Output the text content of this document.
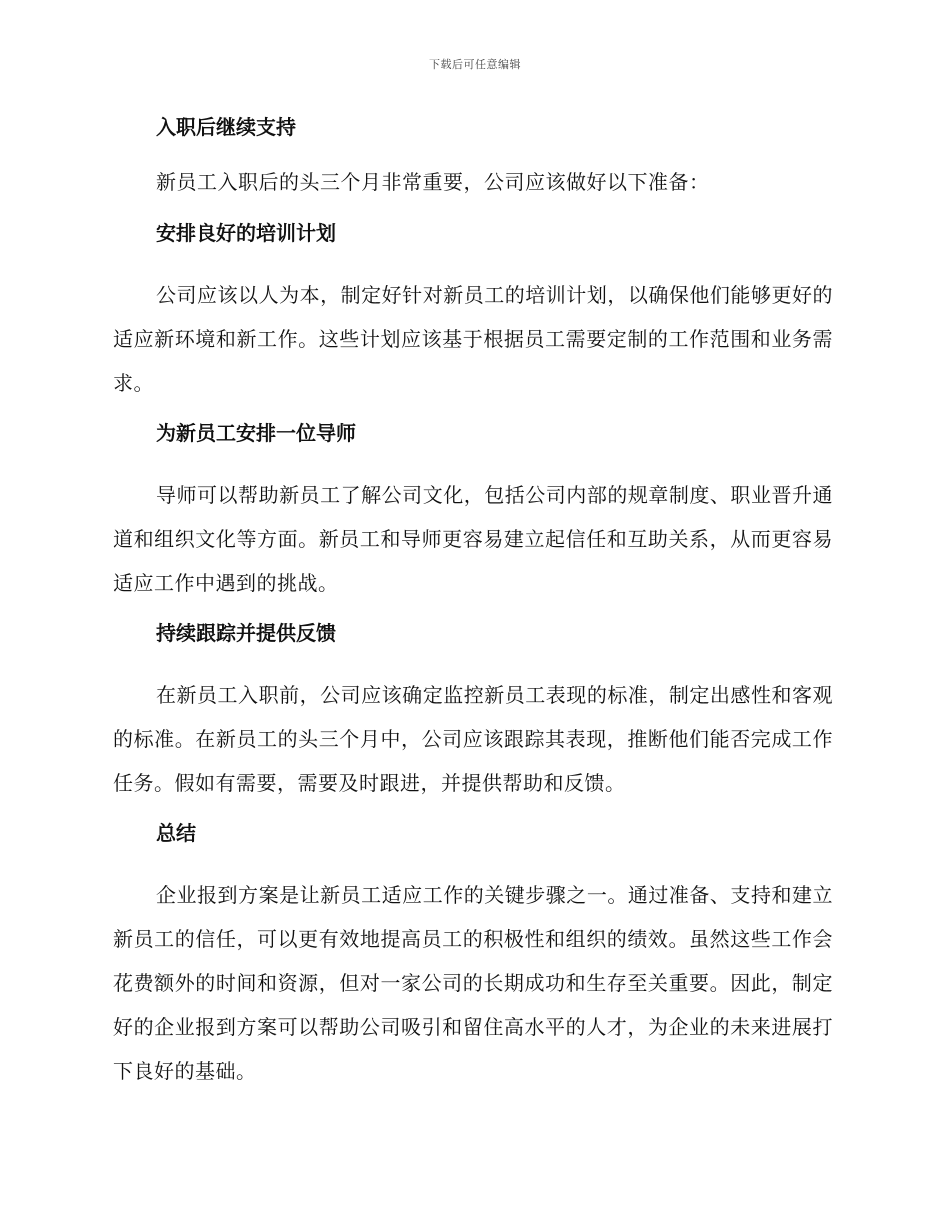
下载后可任意编辑
入职后继续支持

新员工入职后的头三个月非常重要，公司应该做好以下准备：

安排良好的培训计划

公司应该以人为本，制定好针对新员工的培训计划，以确保他们能够更好的适应新环境和新工作。这些计划应该基于根据员工需要定制的工作范围和业务需求。

为新员工安排一位导师

导师可以帮助新员工了解公司文化，包括公司内部的规章制度、职业晋升通道和组织文化等方面。新员工和导师更容易建立起信任和互助关系，从而更容易适应工作中遇到的挑战。

持续跟踪并提供反馈

在新员工入职前，公司应该确定监控新员工表现的标准，制定出感性和客观的标准。在新员工的头三个月中，公司应该跟踪其表现，推断他们能否完成工作任务。假如有需要，需要及时跟进，并提供帮助和反馈。

总结

企业报到方案是让新员工适应工作的关键步骤之一。通过准备、支持和建立新员工的信任，可以更有效地提高员工的积极性和组织的绩效。虽然这些工作会花费额外的时间和资源，但对一家公司的长期成功和生存至关重要。因此，制定好的企业报到方案可以帮助公司吸引和留住高水平的人才，为企业的未来进展打下良好的基础。
